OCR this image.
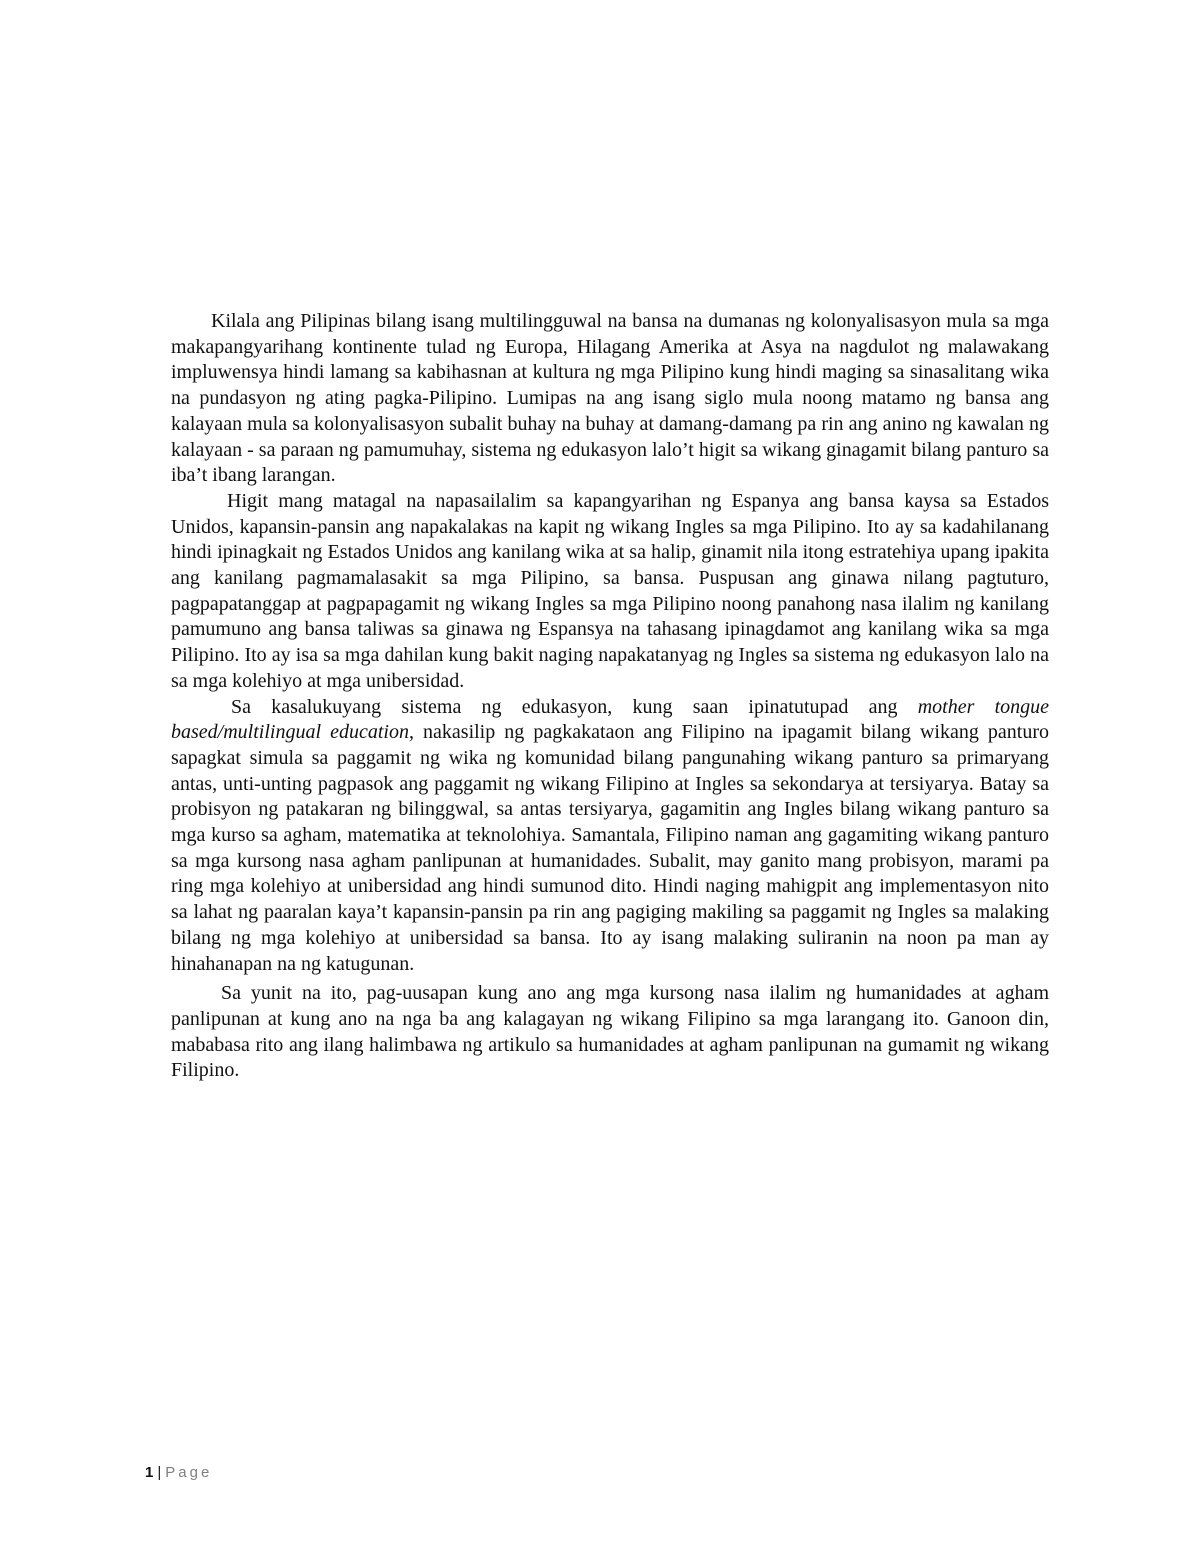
Kilala ang Pilipinas bilang isang multilingguwal na bansa na dumanas ng kolonyalisasyon mula sa mga makapangyarihang kontinente tulad ng Europa, Hilagang Amerika at Asya na nagdulot ng malawakang impluwensya hindi lamang sa kabihasnan at kultura ng mga Pilipino kung hindi maging sa sinasalitang wika na pundasyon ng ating pagka-Pilipino. Lumipas na ang isang siglo mula noong matamo ng bansa ang kalayaan mula sa kolonyalisasyon subalit buhay na buhay at damang-damang pa rin ang anino ng kawalan ng kalayaan - sa paraan ng pamumuhay, sistema ng edukasyon lalo’t higit sa wikang ginagamit bilang panturo sa iba’t ibang larangan.

Higit mang matagal na napasailalim sa kapangyarihan ng Espanya ang bansa kaysa sa Estados Unidos, kapansin-pansin ang napakalakas na kapit ng wikang Ingles sa mga Pilipino. Ito ay sa kadahilanang hindi ipinagkait ng Estados Unidos ang kanilang wika at sa halip, ginamit nila itong estratehiya upang ipakita ang kanilang pagmamalasakit sa mga Pilipino, sa bansa. Puspusan ang ginawa nilang pagtuturo, pagpapatanggap at pagpapagamit ng wikang Ingles sa mga Pilipino noong panahong nasa ilalim ng kanilang pamumuno ang bansa taliwas sa ginawa ng Espansya na tahasang ipinagdamot ang kanilang wika sa mga Pilipino. Ito ay isa sa mga dahilan kung bakit naging napakatanyag ng Ingles sa sistema ng edukasyon lalo na sa mga kolehiyo at mga unibersidad.

Sa kasalukuyang sistema ng edukasyon, kung saan ipinatutupad ang mother tongue based/multilingual education, nakasilip ng pagkakataon ang Filipino na ipagamit bilang wikang panturo sapagkat simula sa paggamit ng wika ng komunidad bilang pangunahing wikang panturo sa primaryang antas, unti-unting pagpasok ang paggamit ng wikang Filipino at Ingles sa sekondarya at tersiyarya. Batay sa probisyon ng patakaran ng bilinggwal, sa antas tersiyarya, gagamitin ang Ingles bilang wikang panturo sa mga kurso sa agham, matematika at teknolohiya. Samantala, Filipino naman ang gagamiting wikang panturo sa mga kursong nasa agham panlipunan at humanidades. Subalit, may ganito mang probisyon, marami pa ring mga kolehiyo at unibersidad ang hindi sumunod dito. Hindi naging mahigpit ang implementasyon nito sa lahat ng paaralan kaya’t kapansin-pansin pa rin ang pagiging makiling sa paggamit ng Ingles sa malaking bilang ng mga kolehiyo at unibersidad sa bansa. Ito ay isang malaking suliranin na noon pa man ay hinahanapan na ng katugunan.

Sa yunit na ito, pag-uusapan kung ano ang mga kursong nasa ilalim ng humanidades at agham panlipunan at kung ano na nga ba ang kalagayan ng wikang Filipino sa mga larangang ito. Ganoon din, mababasa rito ang ilang halimbawa ng artikulo sa humanidades at agham panlipunan na gumamit ng wikang Filipino.

1 | Page
